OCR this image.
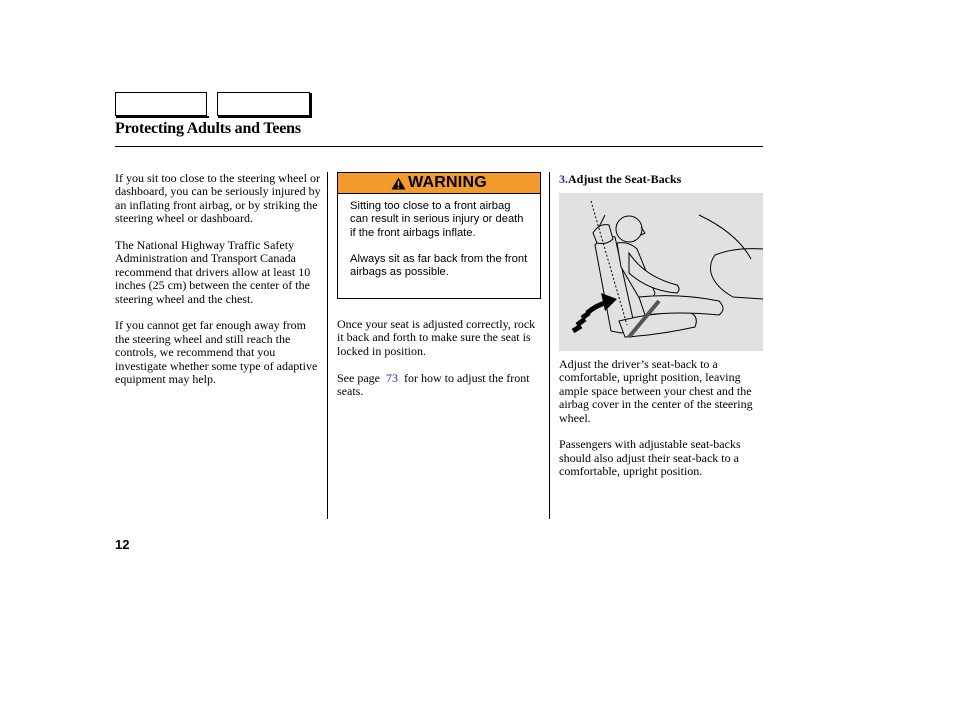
Protecting Adults and Teens

If you sit too close to the steering wheel or dashboard, you can be seriously injured by an inflating front airbag, or by striking the steering wheel or dashboard.

The National Highway Traffic Safety Administration and Transport Canada recommend that drivers allow at least 10 inches (25 cm) between the center of the steering wheel and the chest.

If you cannot get far enough away from the steering wheel and still reach the controls, we recommend that you investigate whether some type of adaptive equipment may help.

WARNING

Sitting too close to a front airbag can result in serious injury or death if the front airbags inflate.

Always sit as far back from the front airbags as possible.

Once your seat is adjusted correctly, rock it back and forth to make sure the seat is locked in position.

See page 73 for how to adjust the front seats.

3.Adjust the Seat-Backs

Adjust the driver’s seat-back to a comfortable, upright position, leaving ample space between your chest and the airbag cover in the center of the steering wheel.

Passengers with adjustable seat-backs should also adjust their seat-back to a comfortable, upright position.

12
